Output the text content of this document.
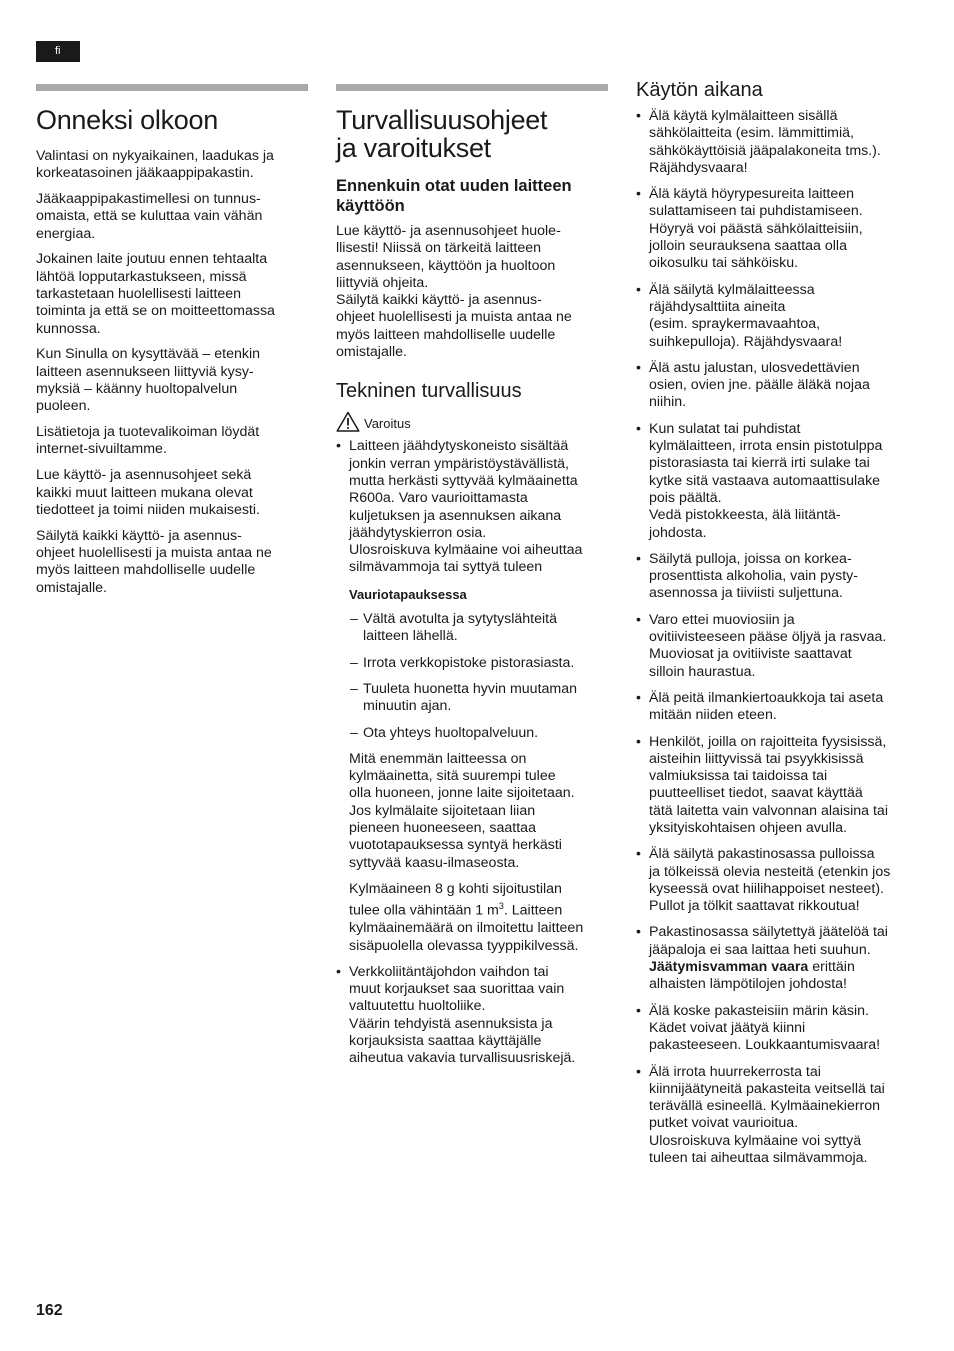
fi
Onneksi olkoon

Valintasi on nykyaikainen, laadukas ja
korkeatasoinen jääkaappipakastin.

Jääkaappipakastimellesi on tunnus-
omaista, että se kuluttaa vain vähän
energiaa.

Jokainen laite joutuu ennen tehtaalta
lähtöä lopputarkastukseen, missä
tarkastetaan huolellisesti laitteen
toiminta ja että se on moitteettomassa
kunnossa.

Kun Sinulla on kysyttävää – etenkin
laitteen asennukseen liittyviä kysy-
myksiä – käänny huoltopalvelun
puoleen.

Lisätietoja ja tuotevalikoiman löydät
internet-sivuiltamme.

Lue käyttö- ja asennusohjeet sekä
kaikki muut laitteen mukana olevat
tiedotteet ja toimi niiden mukaisesti.

Säilytä kaikki käyttö- ja asennus-
ohjeet huolellisesti ja muista antaa ne
myös laitteen mahdolliselle uudelle
omistajalle.

Turvallisuusohjeet
ja varoitukset
Ennenkuin otat uuden laitteen
käyttöön

Lue käyttö- ja asennusohjeet huole-
llisesti! Niissä on tärkeitä laitteen
asennukseen, käyttöön ja huoltoon
liittyviä ohjeita.
Säilytä kaikki käyttö- ja asennus-
ohjeet huolellisesti ja muista antaa ne
myös laitteen mahdolliselle uudelle
omistajalle.

Tekninen turvallisuus
Varoitus
• Laitteen jäähdytyskoneisto sisältää
jonkin verran ympäristöystävällistä,
mutta herkästi syttyvää kylmäainetta
R600a. Varo vaurioittamasta
kuljetuksen ja asennuksen aikana
jäähdytyskierron osia.
Ulosroiskuva kylmäaine voi aiheuttaa
silmävammoja tai syttyä tuleen
Vauriotapauksessa
– Vältä avotulta ja sytytyslähteitä
laitteen lähellä.
– Irrota verkkopistoke pistorasiasta.
– Tuuleta huonetta hyvin muutaman
minuutin ajan.
– Ota yhteys huoltopalveluun.

Mitä enemmän laitteessa on
kylmäainetta, sitä suurempi tulee
olla huoneen, jonne laite sijoitetaan.
Jos kylmälaite sijoitetaan liian
pieneen huoneeseen, saattaa
vuototapauksessa syntyä herkästi
syttyvää kaasu-ilmaseosta.

Kylmäaineen 8 g kohti sijoitustilan
tulee olla vähintään 1 $m^3$. Laitteen
kylmäainemäärä on ilmoitettu laitteen
sisäpuolella olevassa tyyppikilvessä.

• Verkkoliitäntäjohdon vaihdon tai
muut korjaukset saa suorittaa vain
valtuutettu huoltoliike.
Väärin tehdyistä asennuksista ja
korjauksista saattaa käyttäjälle
aiheutua vakavia turvallisuusriskejä.
Käytön aikana
• Älä käytä kylmälaitteen sisällä
sähkölaitteita (esim. lämmittimiä,
sähkökäyttöisiä jääpalakoneita tms.).
Räjähdysvaara!
• Älä käytä höyrypesureita laitteen
sulattamiseen tai puhdistamiseen.
Höyryä voi päästä sähkölaitteisiin,
jolloin seurauksena saattaa olla
oikosulku tai sähköisku.
• Älä säilytä kylmälaitteessa
räjähdysalttiita aineita
(esim. spraykermavaahtoa,
suihkepulloja). Räjähdysvaara!
• Älä astu jalustan, ulosvedettävien
osien, ovien jne. päälle äläkä nojaa
niihin.
• Kun sulatat tai puhdistat
kylmälaitteen, irrota ensin pistotulppa
pistorasiasta tai kierrä irti sulake tai
kytke sitä vastaava automaattisulake
pois päältä.
Vedä pistokkeesta, älä liitäntä-
johdosta.
• Säilytä pulloja, joissa on korkea-
prosenttista alkoholia, vain pysty-
asennossa ja tiiviisti suljettuna.
• Varo ettei muoviosiin ja
ovitiivisteeseen pääse öljyä ja rasvaa.
Muoviosat ja ovitiiviste saattavat
silloin haurastua.
• Älä peitä ilmankiertoaukkoja tai aseta
mitään niiden eteen.
• Henkilöt, joilla on rajoitteita fyysisissä,
aisteihin liittyvissä tai psyykkisissä
valmiuksissa tai taidoissa tai
puutteelliset tiedot, saavat käyttää
tätä laitetta vain valvonnan alaisina tai
yksityiskohtaisen ohjeen avulla.
• Älä säilytä pakastinosassa pulloissa
ja tölkeissä olevia nesteitä (etenkin jos
kyseessä ovat hiilihappoiset nesteet).
Pullot ja tölkit saattavat rikkoutua!
• Pakastinosassa säilytettyä jäätelöä tai
jääpaloja ei saa laittaa heti suuhun.
Jäätymisvamman vaara erittäin
alhaisten lämpötilojen johdosta!
• Älä koske pakasteisiin märin käsin.
Kädet voivat jäätyä kiinni
pakasteeseen. Loukkaantumisvaara!
• Älä irrota huurrekerrosta tai
kiinnijäätyneitä pakasteita veitsellä tai
terävällä esineellä. Kylmäainekierron
putket voivat vaurioitua.
Ulosroiskuva kylmäaine voi syttyä
tuleen tai aiheuttaa silmävammoja.
162
